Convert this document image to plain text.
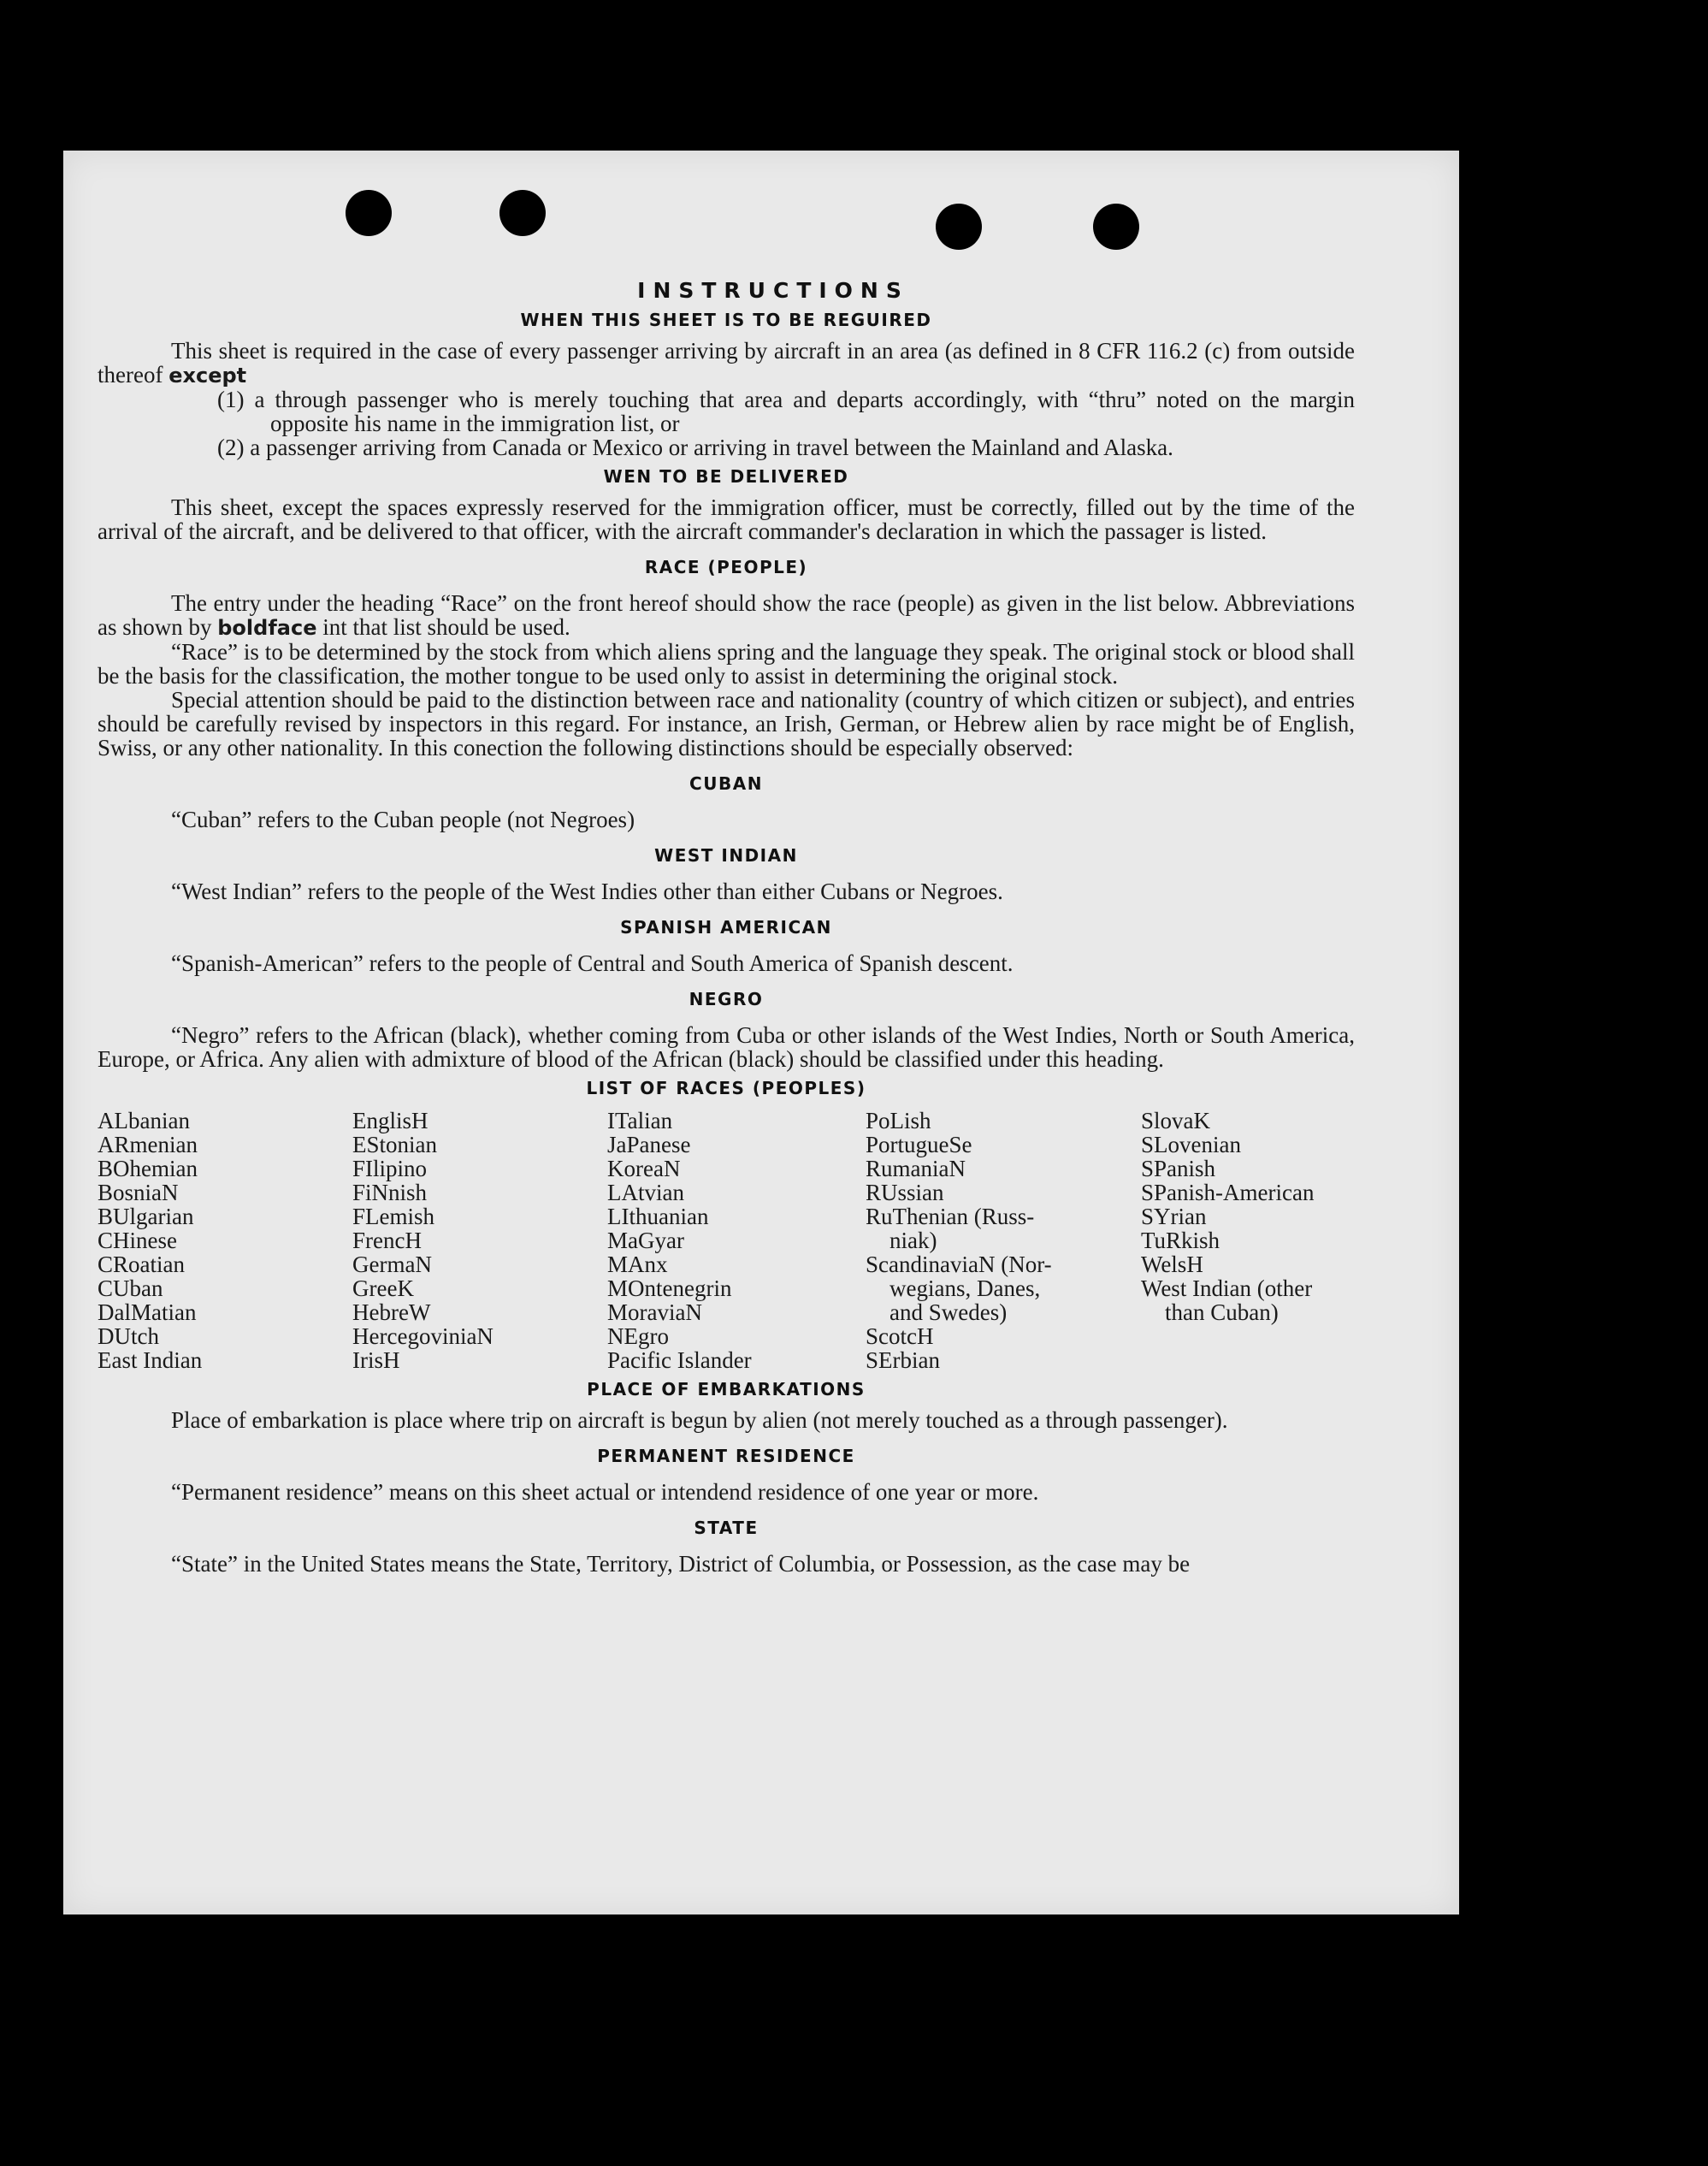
INSTRUCTIONS
WHEN THIS SHEET IS TO BE REGUIRED

This sheet is required in the case of every passenger arriving by aircraft in an area (as defined in 8 CFR 116.2 (c) from outside thereof except

(1) a through passenger who is merely touching that area and departs accordingly, with “thru” noted on the margin opposite his name in the immigration list, or

(2) a passenger arriving from Canada or Mexico or arriving in travel between the Mainland and Alaska.

WEN TO BE DELIVERED

This sheet, except the spaces expressly reserved for the immigration officer, must be correctly, filled out by the time of the arrival of the aircraft, and be delivered to that officer, with the aircraft commander's declaration in which the passager is listed.

RACE (PEOPLE)

The entry under the heading “Race” on the front hereof should show the race (people) as given in the list below. Abbreviations as shown by boldface int that list should be used.

“Race” is to be determined by the stock from which aliens spring and the language they speak. The original stock or blood shall be the basis for the classification, the mother tongue to be used only to assist in determining the original stock.

Special attention should be paid to the distinction between race and nationality (country of which citizen or subject), and entries should be carefully revised by inspectors in this regard. For instance, an Irish, German, or Hebrew alien by race might be of English, Swiss, or any other nationality. In this conection the following distinctions should be especially observed:

CUBAN

“Cuban” refers to the Cuban people (not Negroes)

WEST INDIAN

“West Indian” refers to the people of the West Indies other than either Cubans or Negroes.

SPANISH AMERICAN

“Spanish-American” refers to the people of Central and South America of Spanish descent.

NEGRO

“Negro” refers to the African (black), whether coming from Cuba or other islands of the West Indies, North or South America, Europe, or Africa. Any alien with admixture of blood of the African (black) should be classified under this heading.

LIST OF RACES (PEOPLES)
ALbanian
ARmenian
BOhemian
BosniaN
BUlgarian
CHinese
CRoatian
CUban
DalMatian
DUtch
East Indian
EnglisH
EStonian
FIlipino
FiNnish
FLemish
FrencH
GermaN
GreeK
HebreW
HercegoviniaN
IrisH
ITalian
JaPanese
KoreaN
LAtvian
LIthuanian
MaGyar
MAnx
MOntenegrin
MoraviaN
NEgro
Pacific Islander
PoLish
PortugueSe
RumaniaN
RUssian
RuThenian (Russ-
niak)
ScandinaviaN (Nor-
wegians, Danes,
and Swedes)
ScotcH
SErbian
SlovaK
SLovenian
SPanish
SPanish-American
SYrian
TuRkish
WelsH
West Indian (other
than Cuban)
PLACE OF EMBARKATIONS

Place of embarkation is place where trip on aircraft is begun by alien (not merely touched as a through passenger).

PERMANENT RESIDENCE

“Permanent residence” means on this sheet actual or intendend residence of one year or more.

STATE

“State” in the United States means the State, Territory, District of Columbia, or Possession, as the case may be
